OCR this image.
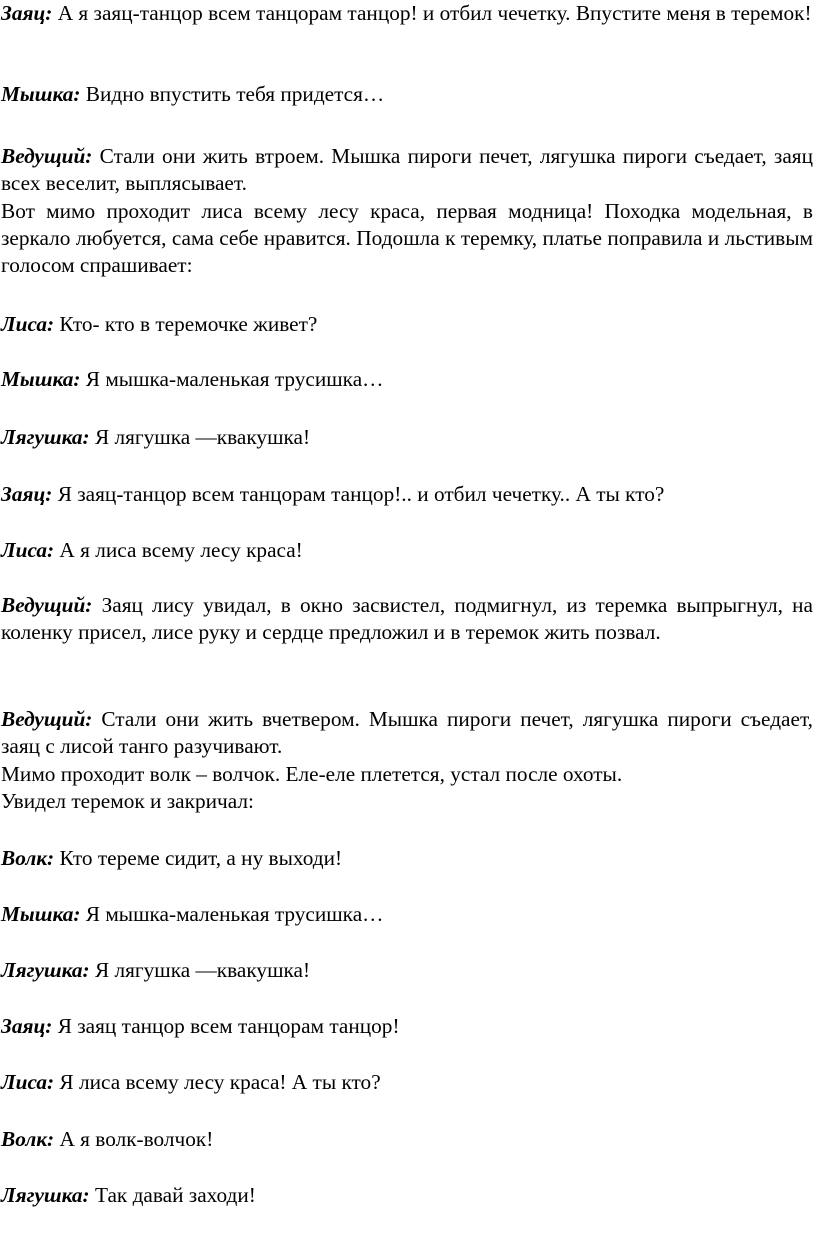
Заяц: А я заяц-танцор всем танцорам танцор! и отбил чечетку. Впустите меня в теремок!

Мышка: Видно впустить тебя придется…

Ведущий: Стали они жить втроем. Мышка пироги печет, лягушка пироги съедает, заяц всех веселит, выплясывает.

Вот мимо проходит лиса всему лесу краса, первая модница! Походка модельная, в зеркало любуется, сама себе нравится. Подошла к теремку, платье поправила и льстивым голосом спрашивает:

Лиса: Кто- кто в теремочке живет?

Мышка: Я мышка-маленькая трусишка…

Лягушка: Я лягушка —квакушка!

Заяц: Я заяц-танцор всем танцорам танцор!.. и отбил чечетку.. А ты кто?

Лиса: А я лиса всему лесу краса!

Ведущий: Заяц лису увидал, в окно засвистел, подмигнул, из теремка выпрыгнул, на коленку присел, лисе руку и сердце предложил и в теремок жить позвал.

Ведущий: Стали они жить вчетвером. Мышка пироги печет, лягушка пироги съедает, заяц с лисой танго разучивают.

Мимо проходит волк – волчок. Еле-еле плетется, устал после охоты.

Увидел теремок и закричал:

Волк: Кто тереме сидит, а ну выходи!

Мышка: Я мышка-маленькая трусишка…

Лягушка: Я лягушка —квакушка!

Заяц: Я заяц танцор всем танцорам танцор!

Лиса: Я лиса всему лесу краса! А ты кто?

Волк: А я волк-волчок!

Лягушка: Так давай заходи!
